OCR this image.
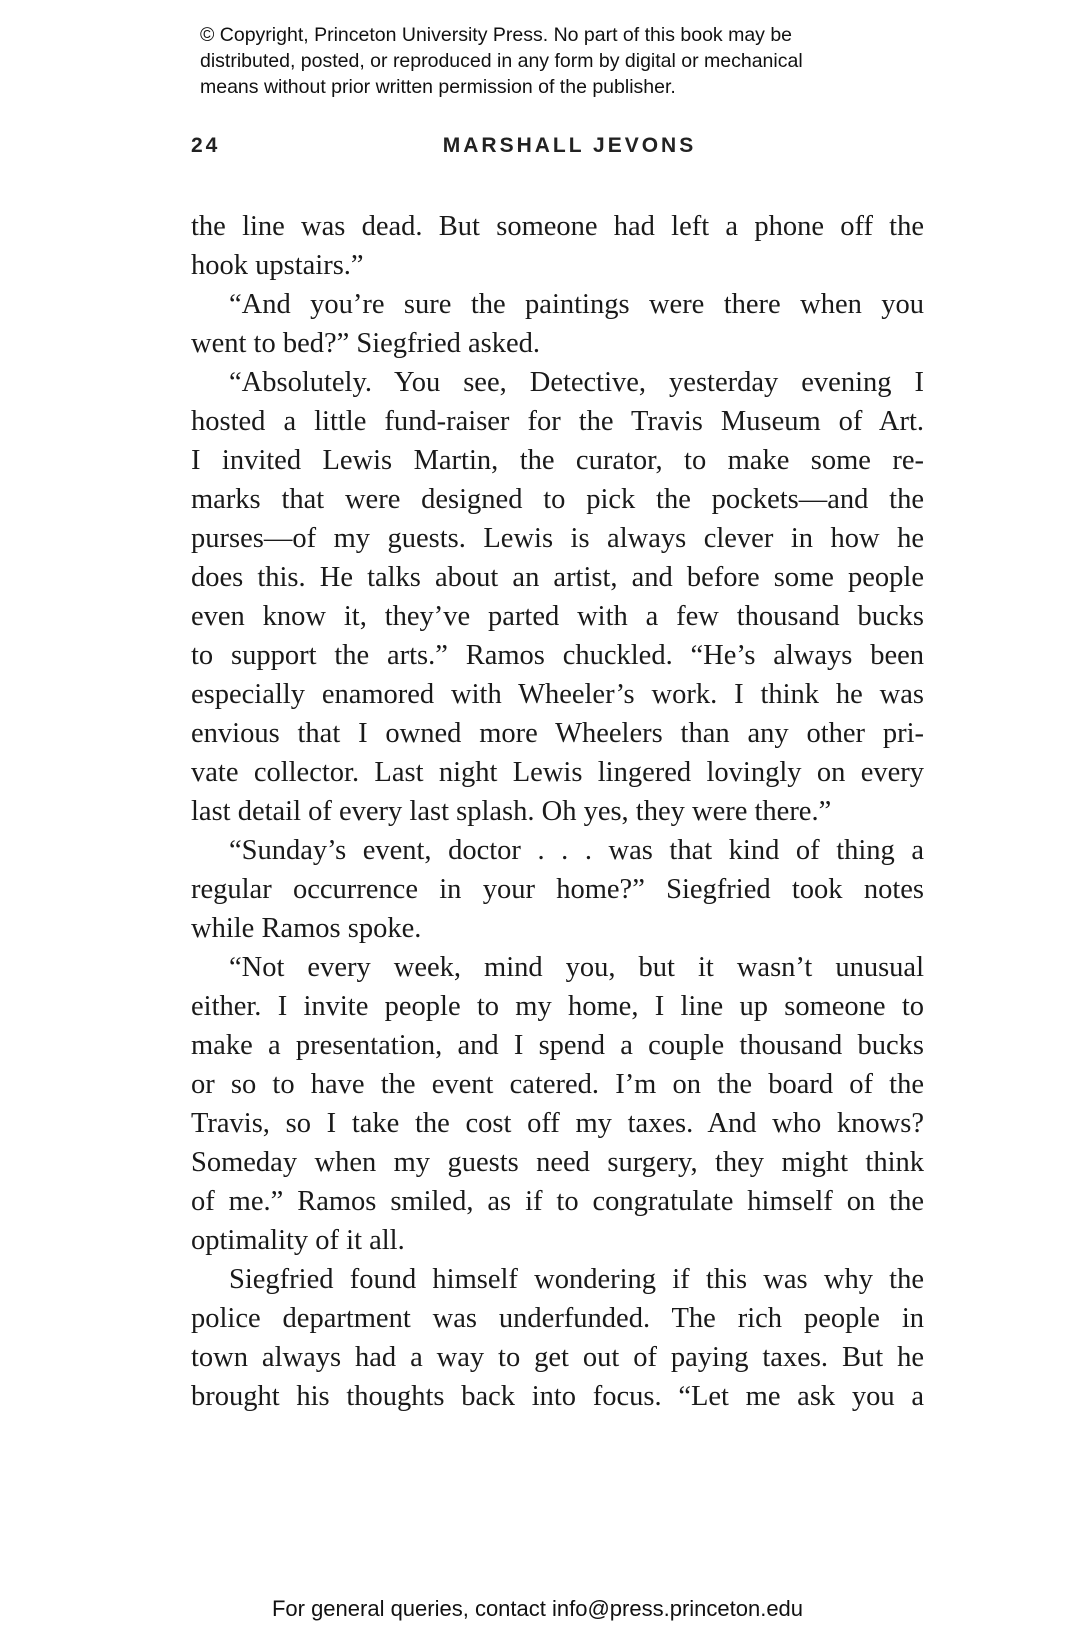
© Copyright, Princeton University Press. No part of this book may be
distributed, posted, or reproduced in any form by digital or mechanical
means without prior written permission of the publisher.
24	MARSHALL JEVONS
the line was dead. But someone had left a phone off the
hook upstairs.”
“And you’re sure the paintings were there when you
went to bed?” Siegfried asked.
“Absolutely. You see, Detective, yesterday evening I
hosted a little fund-raiser for the Travis Museum of Art.
I invited Lewis Martin, the curator, to make some re-
marks that were designed to pick the pockets—and the
purses—of my guests. Lewis is always clever in how he
does this. He talks about an artist, and before some people
even know it, they’ve parted with a few thousand bucks
to support the arts.” Ramos chuckled. “He’s always been
especially enamored with Wheeler’s work. I think he was
envious that I owned more Wheelers than any other pri-
vate collector. Last night Lewis lingered lovingly on every
last detail of every last splash. Oh yes, they were there.”
“Sunday’s event, doctor . . . was that kind of thing a
regular occurrence in your home?” Siegfried took notes
while Ramos spoke.
“Not every week, mind you, but it wasn’t unusual
either. I invite people to my home, I line up someone to
make a presentation, and I spend a couple thousand bucks
or so to have the event catered. I’m on the board of the
Travis, so I take the cost off my taxes. And who knows?
Someday when my guests need surgery, they might think
of me.” Ramos smiled, as if to congratulate himself on the
optimality of it all.
Siegfried found himself wondering if this was why the
police department was underfunded. The rich people in
town always had a way to get out of paying taxes. But he
brought his thoughts back into focus. “Let me ask you a
For general queries, contact info@press.princeton.edu
